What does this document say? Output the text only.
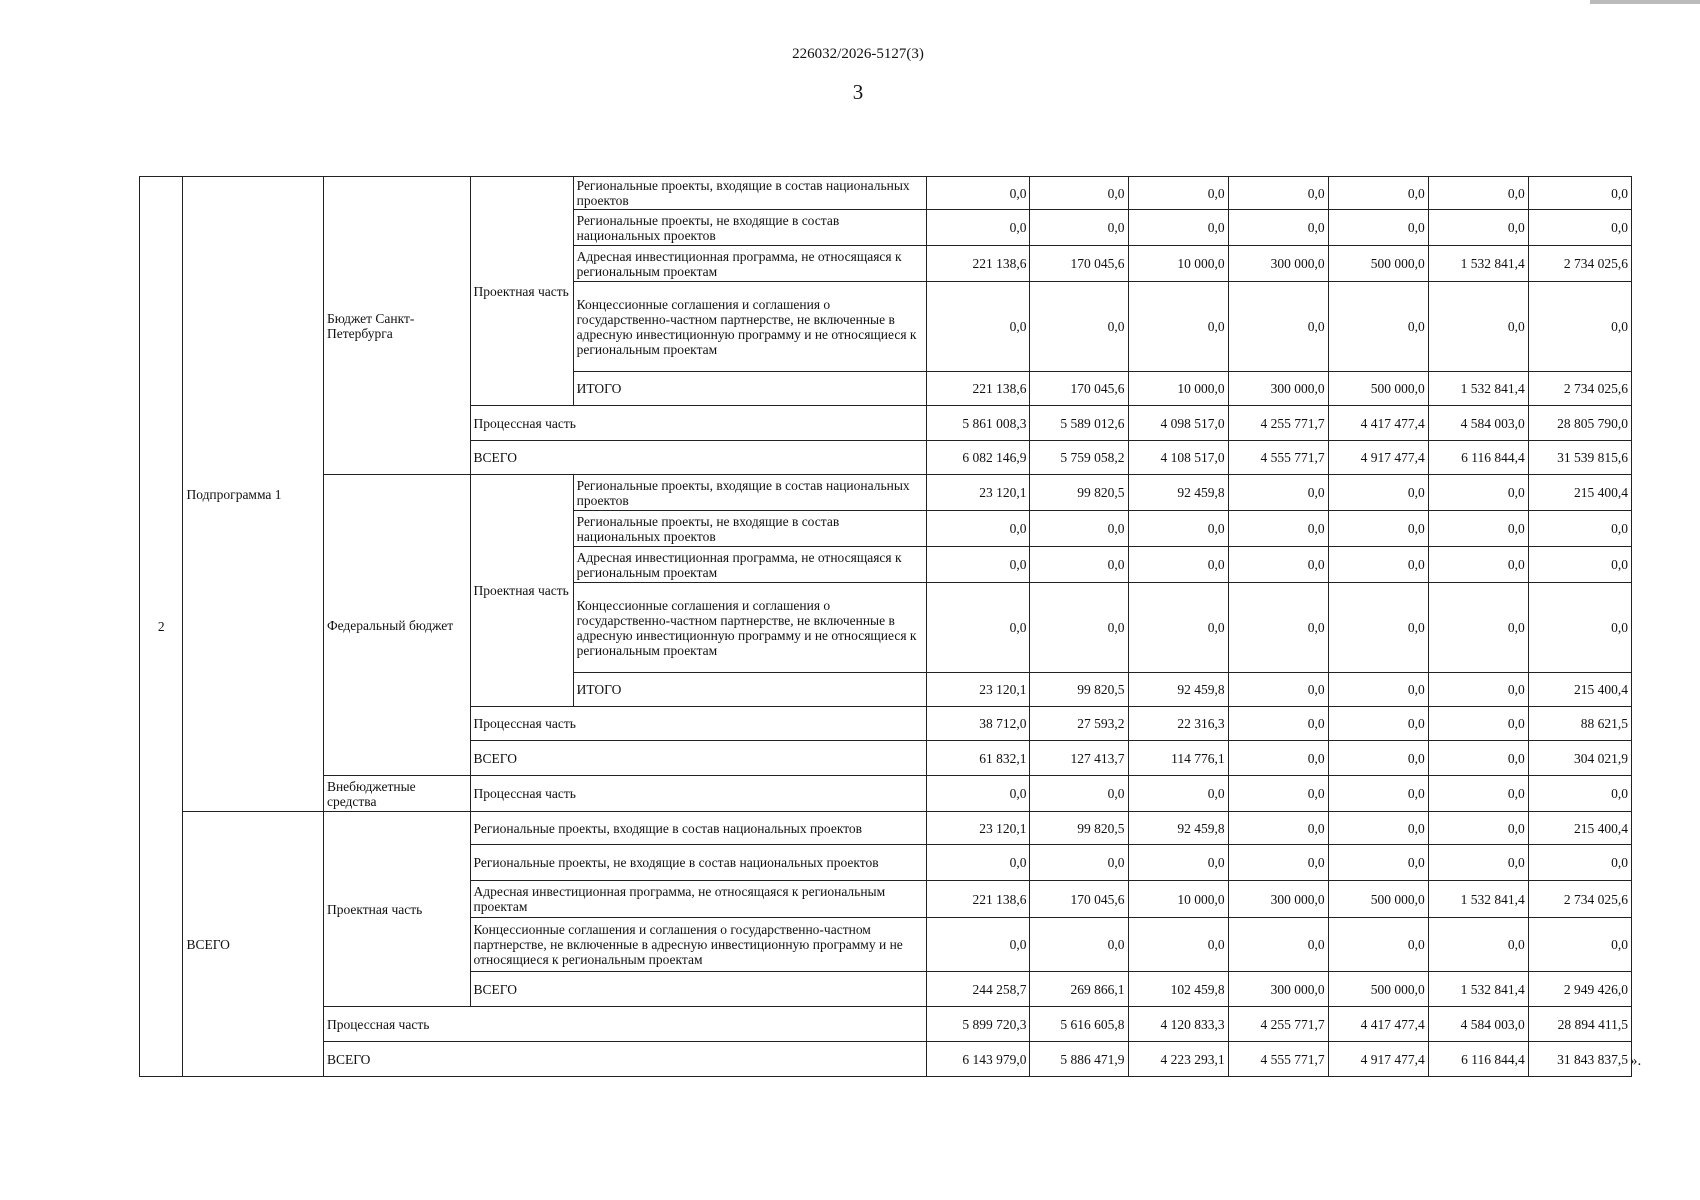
226032/2026-5127(3)
3
2	Подпрограмма 1	Бюджет Санкт-Петербурга	Проектная часть	Региональные проекты, входящие в состав национальных проектов	0,0	0,0	0,0	0,0	0,0	0,0	0,0
				Региональные проекты, не входящие в состав национальных проектов	0,0	0,0	0,0	0,0	0,0	0,0	0,0
				Адресная инвестиционная программа, не относящаяся к региональным проектам	221 138,6	170 045,6	10 000,0	300 000,0	500 000,0	1 532 841,4	2 734 025,6
				Концессионные соглашения и соглашения о государственно-частном партнерстве, не включенные в адресную инвестиционную программу и не относящиеся к региональным проектам	0,0	0,0	0,0	0,0	0,0	0,0	0,0
				ИТОГО	221 138,6	170 045,6	10 000,0	300 000,0	500 000,0	1 532 841,4	2 734 025,6
			Процессная часть		5 861 008,3	5 589 012,6	4 098 517,0	4 255 771,7	4 417 477,4	4 584 003,0	28 805 790,0
			ВСЕГО		6 082 146,9	5 759 058,2	4 108 517,0	4 555 771,7	4 917 477,4	6 116 844,4	31 539 815,6
		Федеральный бюджет	Проектная часть	Региональные проекты, входящие в состав национальных проектов	23 120,1	99 820,5	92 459,8	0,0	0,0	0,0	215 400,4
				Региональные проекты, не входящие в состав национальных проектов	0,0	0,0	0,0	0,0	0,0	0,0	0,0
				Адресная инвестиционная программа, не относящаяся к региональным проектам	0,0	0,0	0,0	0,0	0,0	0,0	0,0
				Концессионные соглашения и соглашения о государственно-частном партнерстве, не включенные в адресную инвестиционную программу и не относящиеся к региональным проектам	0,0	0,0	0,0	0,0	0,0	0,0	0,0
				ИТОГО	23 120,1	99 820,5	92 459,8	0,0	0,0	0,0	215 400,4
			Процессная часть		38 712,0	27 593,2	22 316,3	0,0	0,0	0,0	88 621,5
			ВСЕГО		61 832,1	127 413,7	114 776,1	0,0	0,0	0,0	304 021,9
		Внебюджетные средства	Процессная часть		0,0	0,0	0,0	0,0	0,0	0,0	0,0
	ВСЕГО	Проектная часть	Региональные проекты, входящие в состав национальных проектов		23 120,1	99 820,5	92 459,8	0,0	0,0	0,0	215 400,4
			Региональные проекты, не входящие в состав национальных проектов		0,0	0,0	0,0	0,0	0,0	0,0	0,0
			Адресная инвестиционная программа, не относящаяся к региональным проектам		221 138,6	170 045,6	10 000,0	300 000,0	500 000,0	1 532 841,4	2 734 025,6
			Концессионные соглашения и соглашения о государственно-частном партнерстве, не включенные в адресную инвестиционную программу и не относящиеся к региональным проектам		0,0	0,0	0,0	0,0	0,0	0,0	0,0
			ВСЕГО		244 258,7	269 866,1	102 459,8	300 000,0	500 000,0	1 532 841,4	2 949 426,0
		Процессная часть			5 899 720,3	5 616 605,8	4 120 833,3	4 255 771,7	4 417 477,4	4 584 003,0	28 894 411,5
		ВСЕГО			6 143 979,0	5 886 471,9	4 223 293,1	4 555 771,7	4 917 477,4	6 116 844,4	31 843 837,5 ».
